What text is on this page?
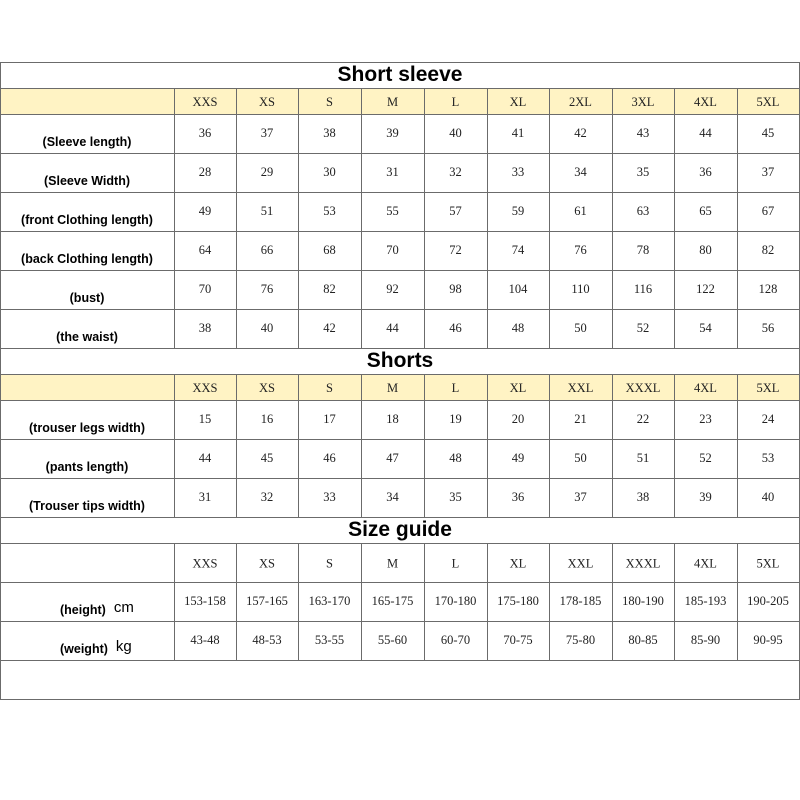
Short sleeve
XXS	XS	S	M	L	XL	2XL	3XL	4XL	5XL
(Sleeve length)
36	37	38	39	40	41	42	43	44	45
(Sleeve Width)
28	29	30	31	32	33	34	35	36	37
(front Clothing length)
49	51	53	55	57	59	61	63	65	67
(back Clothing length)
64	66	68	70	72	74	76	78	80	82
(bust)
70	76	82	92	98	104	110	116	122	128
(the waist)
38	40	42	44	46	48	50	52	54	56
Shorts
XXS	XS	S	M	L	XL	XXL	XXXL	4XL	5XL
(trouser legs width)
15	16	17	18	19	20	21	22	23	24
(pants length)
44	45	46	47	48	49	50	51	52	53
(Trouser tips width)
31	32	33	34	35	36	37	38	39	40
Size guide
XXS	XS	S	M	L	XL	XXL	XXXL	4XL	5XL
(height) cm	153-158 157-165 163-170 165-175 170-180 175-180 178-185 180-190 185-193 190-205
(weight) kg	43-48	48-53	53-55	55-60	60-70	70-75	75-80	80-85	85-90	90-95
